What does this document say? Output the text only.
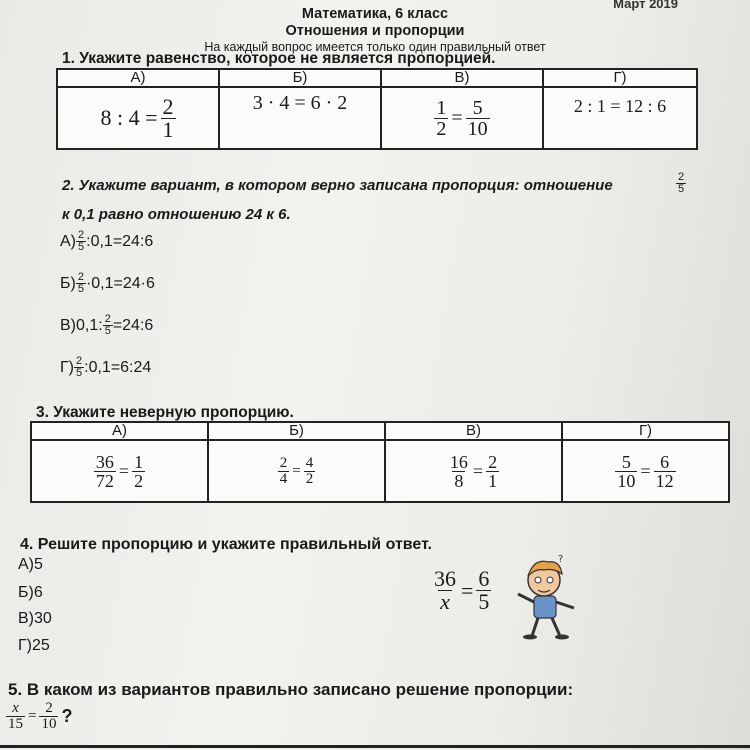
Март 2019
Математика, 6 класс
Отношения и пропорции
На каждый вопрос имеется только один правильный ответ
1. Укажите равенство, которое не является пропорцией.
А)	Б)	В)	Г)

8 : $4 = \frac{2}{1}$	3 · 4 = 6 · 2	$\frac{1}{2} = \frac{5}{10}$	2 : 1 = 12 : 6
2. Укажите вариант, в котором верно записана пропорция: отношение	$\frac{2}{5}$
к 0,1 равно отношению 24 к 6.
$А) \frac{2}{5}$ :0,1=24:6
$Б) \frac{2}{5} \cdot 0,1=24\cdot 6$
В)0,1: $\frac{2}{5}$ =24:6
$Г) \frac{2}{5}$ :0,1=6:24
3. Укажите неверную пропорцию.
А)	Б)	В)	Г)

$\frac{36}{72} = \frac{1}{2}$	$\frac{2}{4} = \frac{4}{2}$	$\frac{16}{8} = \frac{2}{1}$	$\frac{5}{10} = \frac{6}{12}$
4. Решите пропорцию и укажите правильный ответ.
А)5
Б)6
В)30
Г)25
$\frac{36}{x} = \frac{6}{5}$
?
5. В каком из вариантов правильно записано решение пропорции:
$\frac{x}{15} = \frac{2}{10}$ ?
